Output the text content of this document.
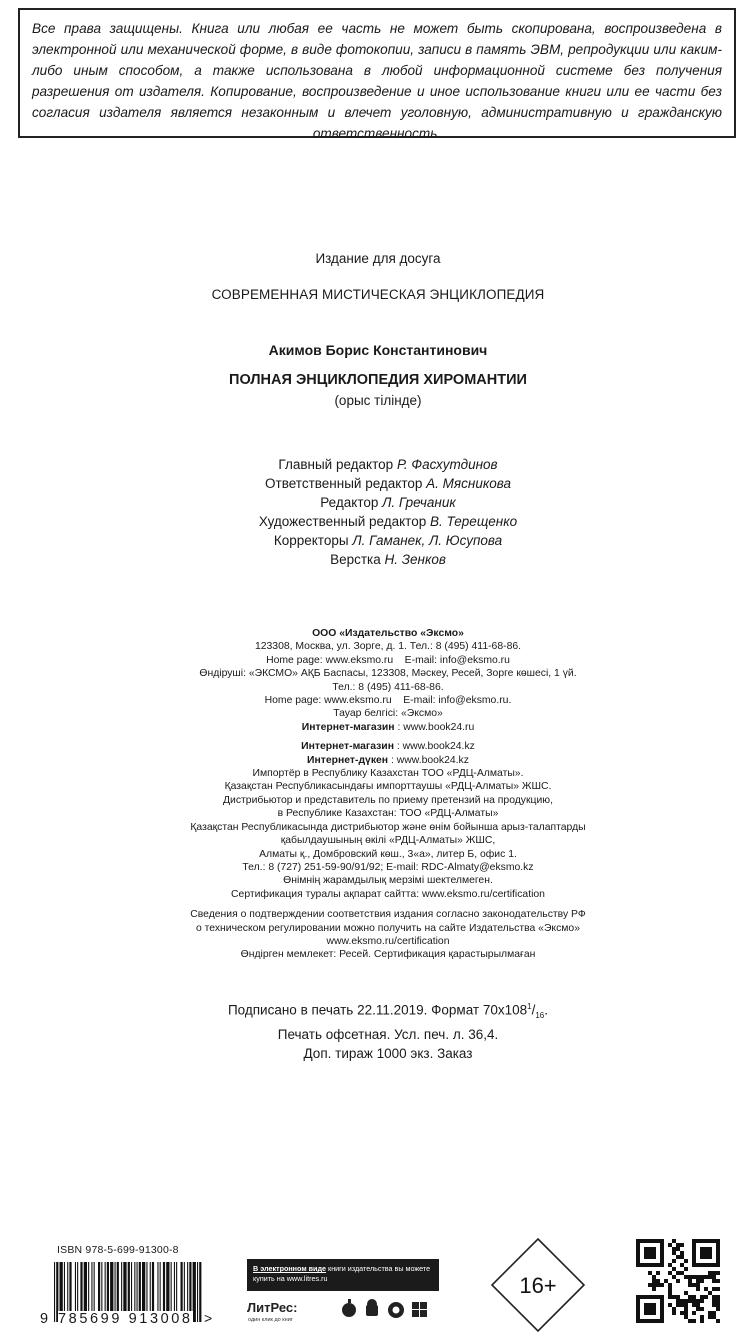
Все права защищены. Книга или любая ее часть не может быть скопирована, воспроизведена в электронной или механической форме, в виде фотокопии, записи в память ЭВМ, репродукции или каким-либо иным способом, а также использована в любой информационной системе без получения разрешения от издателя. Копирование, воспроизведение и иное использование книги или ее части без согласия издателя является незаконным и влечет уголовную, административную и гражданскую ответственность.
Издание для досуга
СОВРЕМЕННАЯ МИСТИЧЕСКАЯ ЭНЦИКЛОПЕДИЯ
Акимов Борис Константинович
ПОЛНАЯ ЭНЦИКЛОПЕДИЯ ХИРОМАНТИИ
(орыс тілінде)
Главный редактор Р. Фасхутдинов
Ответственный редактор А. Мясникова
Редактор Л. Гречаник
Художественный редактор В. Терещенко
Корректоры Л. Гаманек, Л. Юсупова
Верстка Н. Зенков
ООО «Издательство «Эксмо»
123308, Москва, ул. Зорге, д. 1. Тел.: 8 (495) 411-68-86.
Home page: www.eksmo.ru    E-mail: info@eksmo.ru
Өндіруші: «ЭКСМО» АҚБ Баспасы, 123308, Мәскеу, Ресей, Зорге көшесі, 1 үй.
Тел.: 8 (495) 411-68-86.
Home page: www.eksmo.ru    E-mail: info@eksmo.ru.
Тауар белгісі: «Эксмо»
Интернет-магазин : www.book24.ru
Интернет-магазин : www.book24.kz
Интернет-дүкен : www.book24.kz
Импортёр в Республику Казахстан ТОО «РДЦ-Алматы».
Қазақстан Республикасындағы импорттаушы «РДЦ-Алматы» ЖШС.
Дистрибьютор и представитель по приему претензий на продукцию,
в Республике Казахстан: ТОО «РДЦ-Алматы»
Қазақстан Республикасында дистрибьютор және өнім бойынша арыз-талаптарды
қабылдаушының өкілі «РДЦ-Алматы» ЖШС,
Алматы қ., Домбровский көш., 3«а», литер Б, офис 1.
Тел.: 8 (727) 251-59-90/91/92; E-mail: RDC-Almaty@eksmo.kz
Өнімнің жарамдылық мерзімі шектелмеген.
Сертификация туралы ақпарат сайтта: www.eksmo.ru/certification
Сведения о подтверждении соответствия издания согласно законодательству РФ
о техническом регулировании можно получить на сайте Издательства «Эксмо»
www.eksmo.ru/certification
Өндірген мемлекет: Ресей. Сертификация қарастырылмаған
Подписано в печать 22.11.2019. Формат $70x108^1/_{16}$.
Печать офсетная. Усл. печ. л. 36,4.
Доп. тираж 1000 экз. Заказ
ISBN 978-5-699-91300-8
9 785699 913008 >
В электронном виде книги издательства вы можете
купить на www.litres.ru
ЛитРес:
один клик до книг
16+
